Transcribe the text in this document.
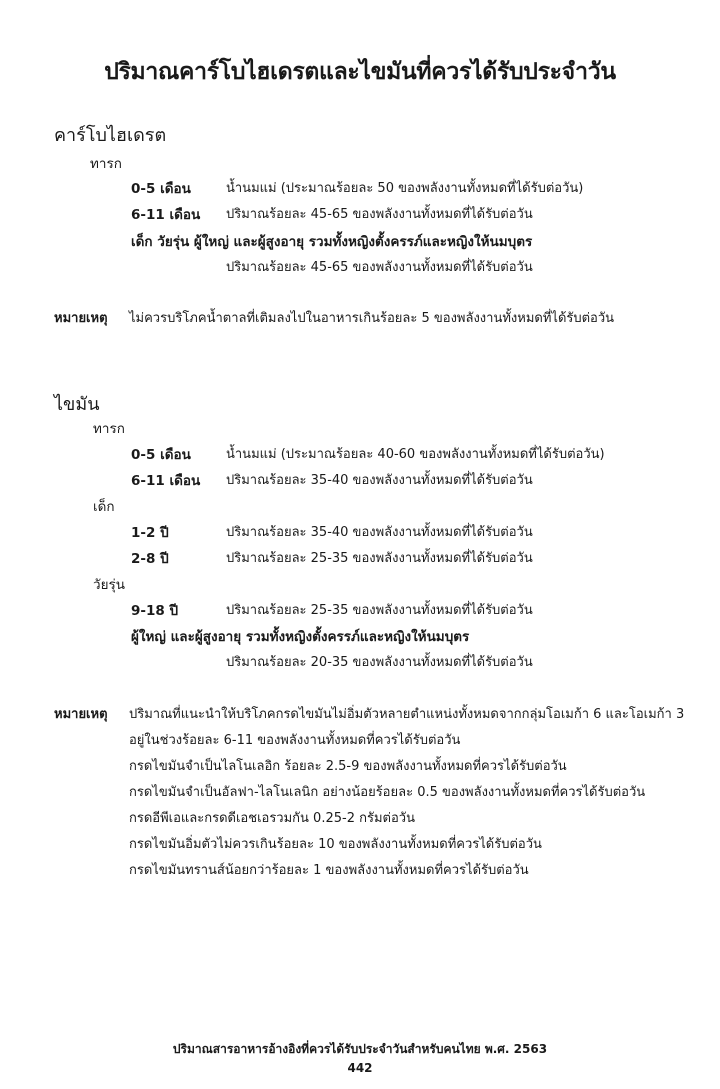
ปริมาณคาร์โบไฮเดรตและไขมันที่ควรได้รับประจำวัน
คาร์โบไฮเดรต
ทารก
0-5 เดือน	น้ำนมแม่ (ประมาณร้อยละ 50 ของพลังงานทั้งหมดที่ได้รับต่อวัน)
6-11 เดือน ปริมาณร้อยละ 45-65 ของพลังงานทั้งหมดที่ได้รับต่อวัน
เด็ก วัยรุ่น ผู้ใหญ่ และผู้สูงอายุ รวมทั้งหญิงตั้งครรภ์และหญิงให้นมบุตร
ปริมาณร้อยละ 45-65 ของพลังงานทั้งหมดที่ได้รับต่อวัน
หมายเหตุ ไม่ควรบริโภคน้ำตาลที่เติมลงไปในอาหารเกินร้อยละ 5 ของพลังงานทั้งหมดที่ได้รับต่อวัน
ไขมัน
ทารก
0-5 เดือน	น้ำนมแม่ (ประมาณร้อยละ 40-60 ของพลังงานทั้งหมดที่ได้รับต่อวัน)
6-11 เดือน ปริมาณร้อยละ 35-40 ของพลังงานทั้งหมดที่ได้รับต่อวัน
เด็ก
1-2 ปี	ปริมาณร้อยละ 35-40 ของพลังงานทั้งหมดที่ได้รับต่อวัน
2-8 ปี	ปริมาณร้อยละ 25-35 ของพลังงานทั้งหมดที่ได้รับต่อวัน
วัยรุ่น
9-18 ปี	ปริมาณร้อยละ 25-35 ของพลังงานทั้งหมดที่ได้รับต่อวัน
ผู้ใหญ่ และผู้สูงอายุ รวมทั้งหญิงตั้งครรภ์และหญิงให้นมบุตร
ปริมาณร้อยละ 20-35 ของพลังงานทั้งหมดที่ได้รับต่อวัน
หมายเหตุ ปริมาณที่แนะนำให้บริโภคกรดไขมันไม่อิ่มตัวหลายตำแหน่งทั้งหมดจากกลุ่มโอเมก้า 6 และโอเมก้า 3
อยู่ในช่วงร้อยละ 6-11 ของพลังงานทั้งหมดที่ควรได้รับต่อวัน
กรดไขมันจำเป็นไลโนเลอิก ร้อยละ 2.5-9 ของพลังงานทั้งหมดที่ควรได้รับต่อวัน
กรดไขมันจำเป็นอัลฟา-ไลโนเลนิก อย่างน้อยร้อยละ 0.5 ของพลังงานทั้งหมดที่ควรได้รับต่อวัน
กรดอีพีเอและกรดดีเอชเอรวมกัน 0.25-2 กรัมต่อวัน
กรดไขมันอิ่มตัวไม่ควรเกินร้อยละ 10 ของพลังงานทั้งหมดที่ควรได้รับต่อวัน
กรดไขมันทรานส์น้อยกว่าร้อยละ 1 ของพลังงานทั้งหมดที่ควรได้รับต่อวัน
ปริมาณสารอาหารอ้างอิงที่ควรได้รับประจำวันสำหรับคนไทย พ.ศ. 2563
442
